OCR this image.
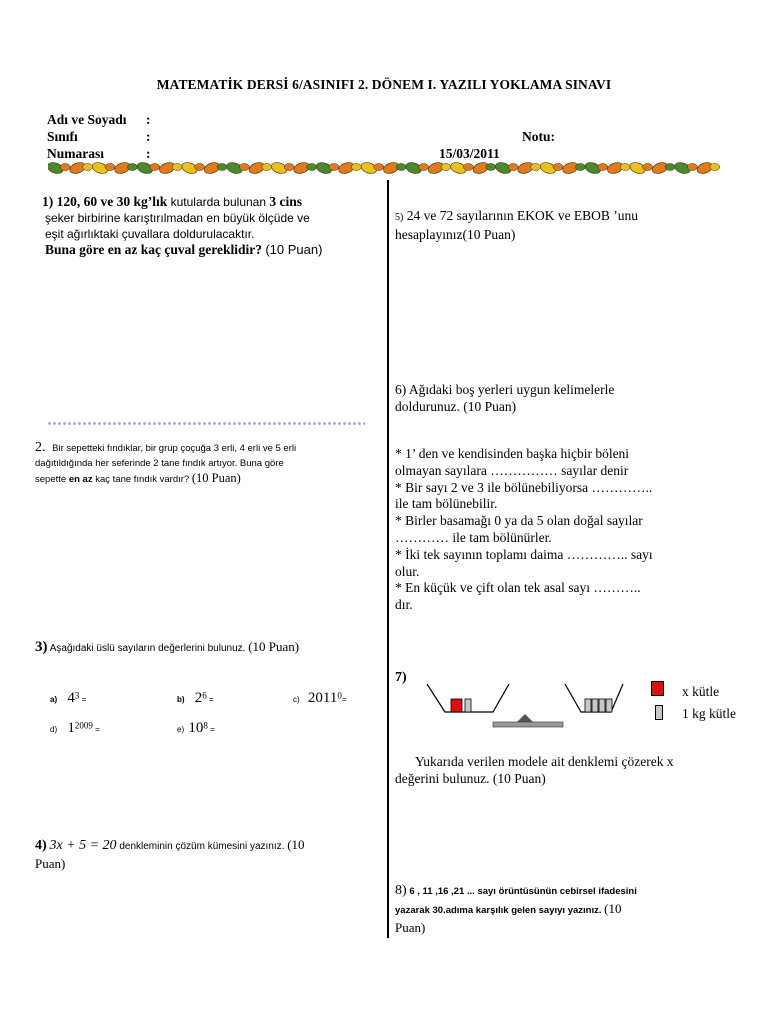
MATEMATİK DERSİ 6/ASINIFI 2. DÖNEM I. YAZILI YOKLAMA SINAVI
Adı ve Soyadı :
Sınıfı	:	Notu:
Numarası	:	15/03/2011
1) 120, 60 ve 30 kg’lık kutularda bulunan 3 cins
şeker birbirine karıştırılmadan en büyük ölçüde ve
eşit ağırlıktaki çuvallara doldurulacaktır.
Buna göre en az kaç çuval gereklidir? (10 Puan)
2. Bir sepetteki fındıklar, bir grup çoçuğa 3 erli, 4 erli ve 5 erli
dağıtıldığında her seferinde 2 tane fındık artıyor. Buna göre
sepette en az kaç tane fındık vardır? (10 Puan)
3) Aşağıdaki üslü sayıların değerlerini bulunuz. (10 Puan)
a) $4^3$ =	b) $2^6$ =	c) $2011^0=$
d) $1^{2009}$ =	e) $10^8$ =
4) 3x + 5 = 20 denkleminin çözüm kümesini yazınız. (10
Puan)
5) 24 ve 72 sayılarının EKOK ve EBOB ’unu
hesaplayınız(10 Puan)
6) Ağıdaki boş yerleri uygun kelimelerle
doldurunuz. (10 Puan)
* 1’ den ve kendisinden başka hiçbir böleni
olmayan sayılara …………… sayılar denir
* Bir sayı 2 ve 3 ile bölünebiliyorsa …………..
ile tam bölünebilir.
* Birler basamağı 0 ya da 5 olan doğal sayılar
………… ile tam bölünürler.
* İki tek sayının toplamı daima ………….. sayı
olur.
* En küçük ve çift olan tek asal sayı ………..
dır.
7)
x kütle
1 kg kütle
Yukarıda verilen modele ait denklemi çözerek x
değerini bulunuz. (10 Puan)
8) 6 , 11 ,16 ,21 ... sayı örüntüsünün cebirsel ifadesini
yazarak 30.adıma karşılık gelen sayıyı yazınız. (10
Puan)
